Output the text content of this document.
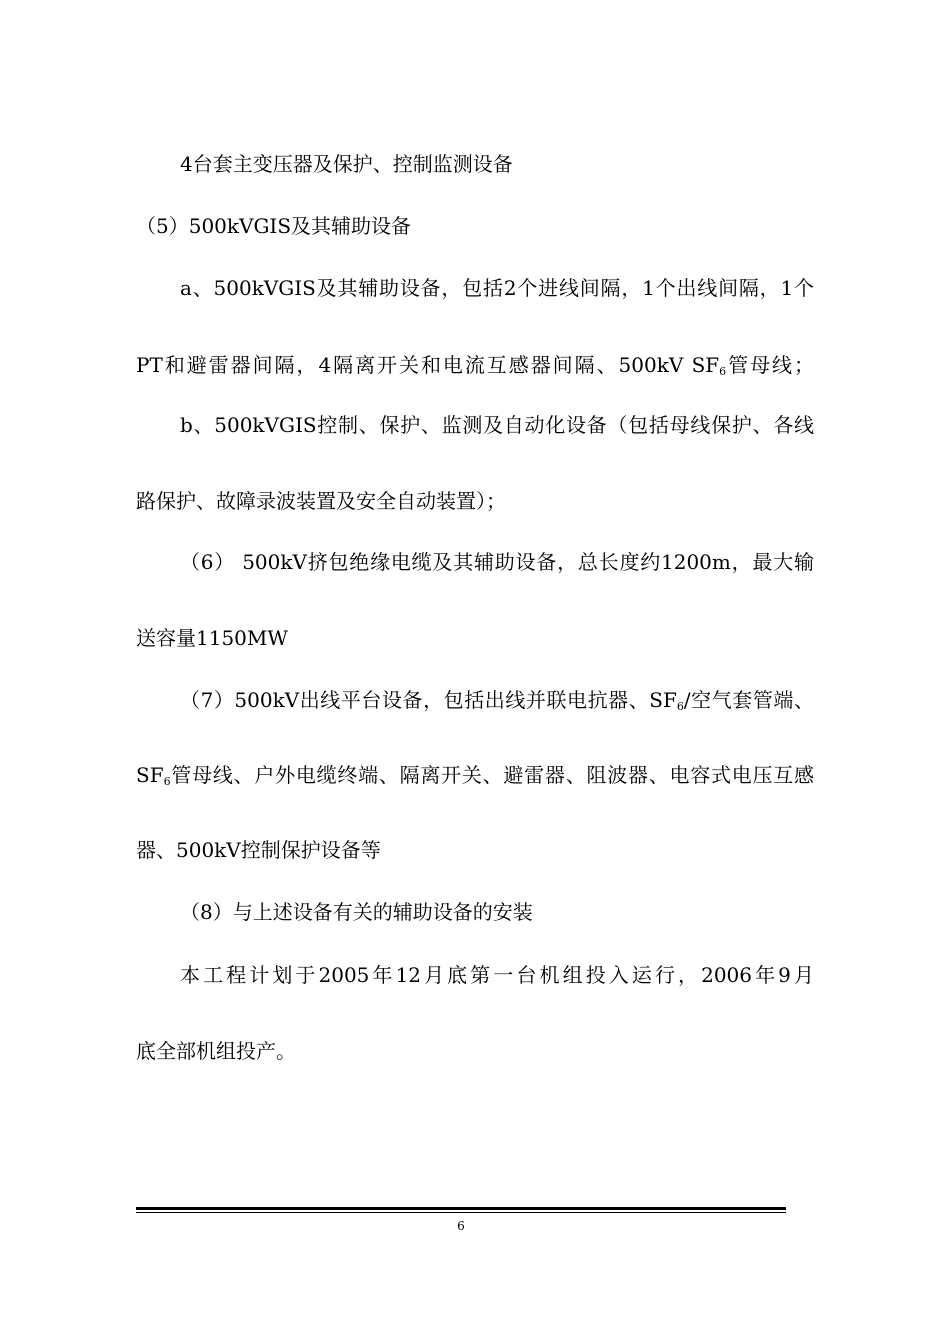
4台套主变压器及保护、控制监测设备

（5）500kVGIS及其辅助设备

a、500kVGIS及其辅助设备，包括2个进线间隔，1个出线间隔，1个

PT和避雷器间隔，4隔离开关和电流互感器间隔、500kV $SF_6$管母线；

b、500kVGIS控制、保护、监测及自动化设备（包括母线保护、各线

路保护、故障录波装置及安全自动装置）；

（6） 500kV挤包绝缘电缆及其辅助设备，总长度约1200m，最大输

送容量1150MW

（7）500kV出线平台设备，包括出线并联电抗器、$SF_6/$空气套管端、

$SF_6$管母线、户外电缆终端、隔离开关、避雷器、阻波器、电容式电压互感

器、500kV控制保护设备等

（8）与上述设备有关的辅助设备的安装

本工程计划于2005年12月底第一台机组投入运行，2006年9月

底全部机组投产。

6
